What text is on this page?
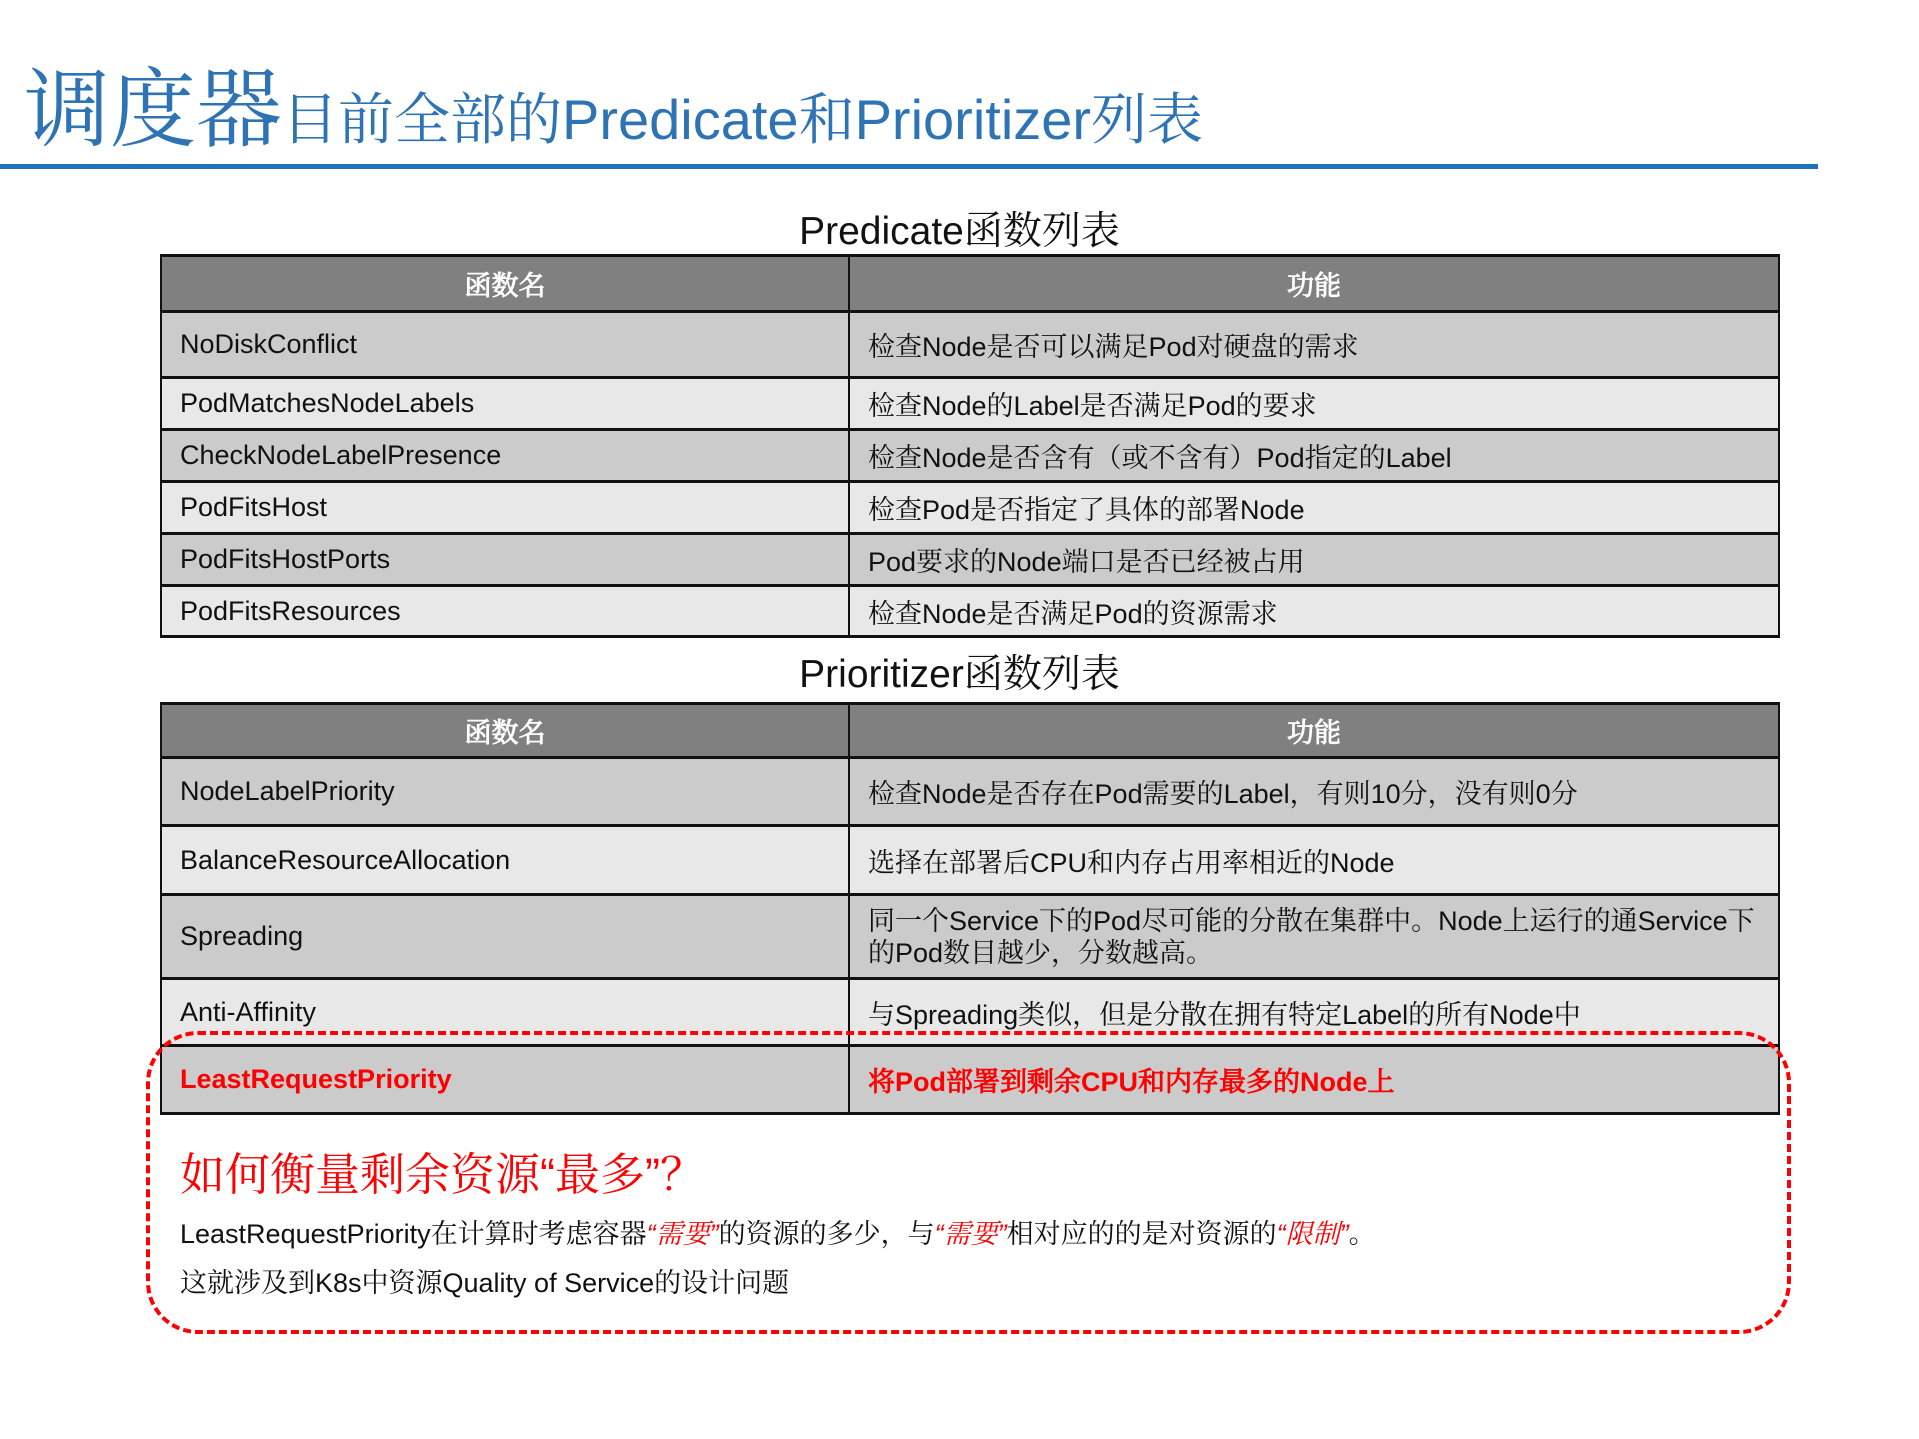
调度器目前全部的Predicate和Prioritizer列表
Predicate函数列表
函数名	功能
NoDiskConflict	检查Node是否可以满足Pod对硬盘的需求
PodMatchesNodeLabels	检查Node的Label是否满足Pod的要求
CheckNodeLabelPresence	检查Node是否含有（或不含有）Pod指定的Label
PodFitsHost	检查Pod是否指定了具体的部署Node
PodFitsHostPorts	Pod要求的Node端口是否已经被占用
PodFitsResources	检查Node是否满足Pod的资源需求
Prioritizer函数列表
函数名	功能
NodeLabelPriority	检查Node是否存在Pod需要的Label，有则10分，没有则0分
BalanceResourceAllocation	选择在部署后CPU和内存占用率相近的Node
Spreading	同一个Service下的Pod尽可能的分散在集群中。Node上运行的通Service下的Pod数目越少，分数越高。
Anti-Affinity	与Spreading类似，但是分散在拥有特定Label的所有Node中
LeastRequestPriority	将Pod部署到剩余CPU和内存最多的Node上
如何衡量剩余资源“最多”？
LeastRequestPriority在计算时考虑容器“需要”的资源的多少，与“需要”相对应的的是对资源的“限制”。
这就涉及到K8s中资源Quality of Service的设计问题
